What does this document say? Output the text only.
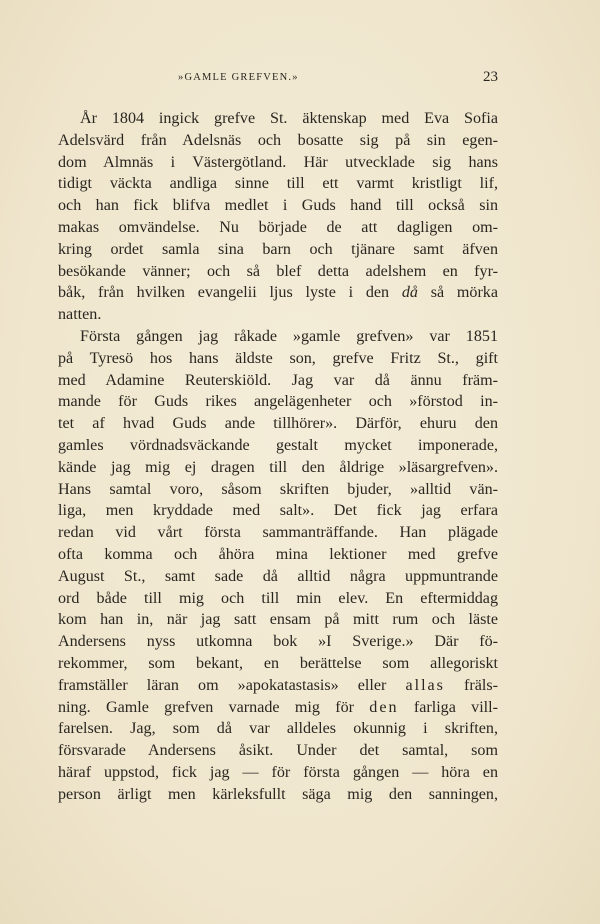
»GAMLE GREFVEN.»	23
År 1804 ingick grefve St. äktenskap med Eva Sofia
Adelsvärd från Adelsnäs och bosatte sig på sin egen-
dom Almnäs i Västergötland. Här utvecklade sig hans
tidigt väckta andliga sinne till ett varmt kristligt lif,
och han fick blifva medlet i Guds hand till också sin
makas omvändelse. Nu började de att dagligen om-
kring ordet samla sina barn och tjänare samt äfven
besökande vänner; och så blef detta adelshem en fyr-
båk, från hvilken evangelii ljus lyste i den då så mörka
natten.
Första gången jag råkade »gamle grefven» var 1851
på Tyresö hos hans äldste son, grefve Fritz St., gift
med Adamine Reuterskiöld. Jag var då ännu främ-
mande för Guds rikes angelägenheter och »förstod in-
tet af hvad Guds ande tillhörer». Därför, ehuru den
gamles vördnadsväckande gestalt mycket imponerade,
kände jag mig ej dragen till den åldrige »läsargrefven».
Hans samtal voro, såsom skriften bjuder, »alltid vän-
liga, men kryddade med salt». Det fick jag erfara
redan vid vårt första sammanträffande. Han plägade
ofta komma och åhöra mina lektioner med grefve
August St., samt sade då alltid några uppmuntrande
ord både till mig och till min elev. En eftermiddag
kom han in, när jag satt ensam på mitt rum och läste
Andersens nyss utkomna bok »I Sverige.» Där fö-
rekommer, som bekant, en berättelse som allegoriskt
framställer läran om »apokatastasis» eller allas fräls-
ning. Gamle grefven varnade mig för den farliga vill-
farelsen. Jag, som då var alldeles okunnig i skriften,
försvarade Andersens åsikt. Under det samtal, som
häraf uppstod, fick jag — för första gången — höra en
person ärligt men kärleksfullt säga mig den sanningen,
